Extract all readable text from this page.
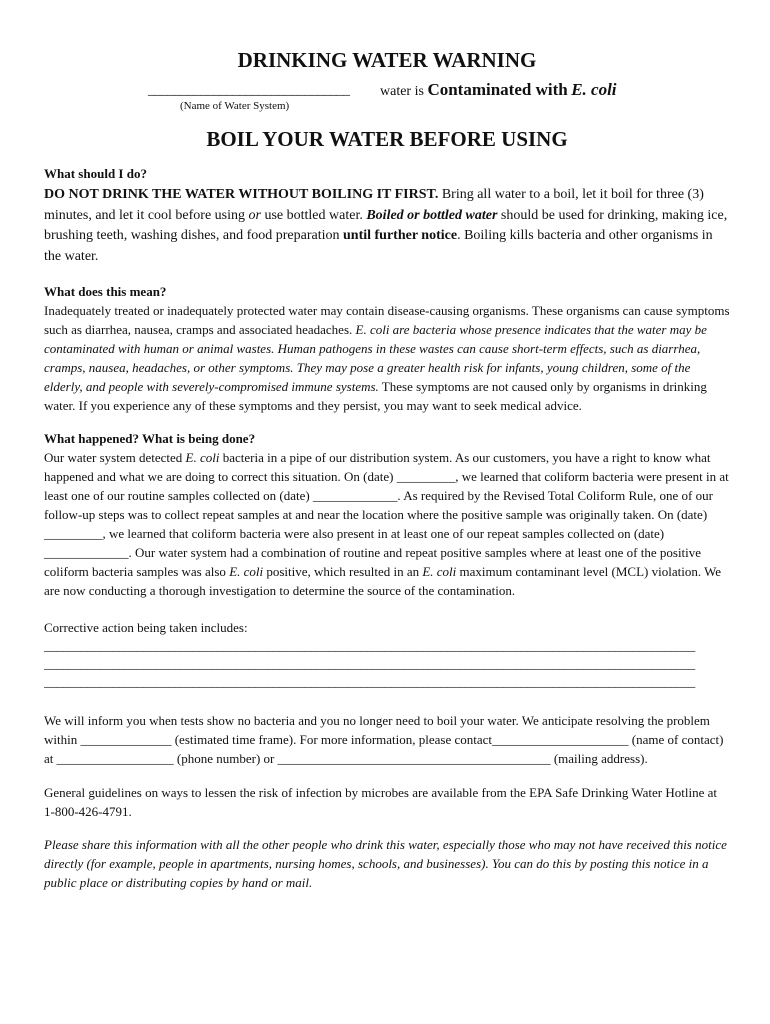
DRINKING WATER WARNING
_______________________________ water is Contaminated with E. coli
(Name of Water System)
BOIL YOUR WATER BEFORE USING
What should I do?

DO NOT DRINK THE WATER WITHOUT BOILING IT FIRST. Bring all water to a boil, let it boil for three (3) minutes, and let it cool before using or use bottled water. Boiled or bottled water should be used for drinking, making ice, brushing teeth, washing dishes, and food preparation until further notice. Boiling kills bacteria and other organisms in the water.

What does this mean?

Inadequately treated or inadequately protected water may contain disease-causing organisms. These organisms can cause symptoms such as diarrhea, nausea, cramps and associated headaches. E. coli are bacteria whose presence indicates that the water may be contaminated with human or animal wastes. Human pathogens in these wastes can cause short-term effects, such as diarrhea, cramps, nausea, headaches, or other symptoms. They may pose a greater health risk for infants, young children, some of the elderly, and people with severely-compromised immune systems. These symptoms are not caused only by organisms in drinking water. If you experience any of these symptoms and they persist, you may want to seek medical advice.

What happened? What is being done?

Our water system detected E. coli bacteria in a pipe of our distribution system. As our customers, you have a right to know what happened and what we are doing to correct this situation. On (date) _________, we learned that coliform bacteria were present in at least one of our routine samples collected on (date) _____________. As required by the Revised Total Coliform Rule, one of our follow-up steps was to collect repeat samples at and near the location where the positive sample was originally taken. On (date) _________, we learned that coliform bacteria were also present in at least one of our repeat samples collected on (date) _____________. Our water system had a combination of routine and repeat positive samples where at least one of the positive coliform bacteria samples was also E. coli positive, which resulted in an E. coli maximum contaminant level (MCL) violation. We are now conducting a thorough investigation to determine the source of the contamination.

Corrective action being taken includes:

_________________________________________________________________________________________________________
_________________________________________________________________________________________________________
_________________________________________________________________________________________________________

We will inform you when tests show no bacteria and you no longer need to boil your water. We anticipate resolving the problem within ______________ (estimated time frame). For more information, please contact_____________________ (name of contact) at __________________ (phone number) or __________________________________________ (mailing address).

General guidelines on ways to lessen the risk of infection by microbes are available from the EPA Safe Drinking Water Hotline at 1-800-426-4791.

Please share this information with all the other people who drink this water, especially those who may not have received this notice directly (for example, people in apartments, nursing homes, schools, and businesses). You can do this by posting this notice in a public place or distributing copies by hand or mail.
